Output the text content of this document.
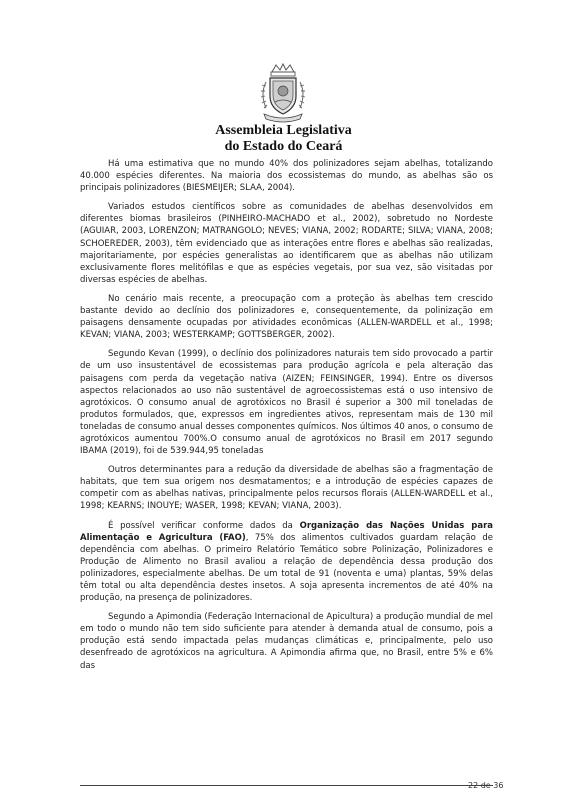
Assembleia Legislativa
do Estado do Ceará

Há uma estimativa que no mundo 40% dos polinizadores sejam abelhas, totalizando 40.000 espécies diferentes. Na maioria dos ecossistemas do mundo, as abelhas são os principais polinizadores (BIESMEIJER; SLAA, 2004).

Variados estudos científicos sobre as comunidades de abelhas desenvolvidos em diferentes biomas brasileiros (PINHEIRO-MACHADO et al., 2002), sobretudo no Nordeste (AGUIAR, 2003, LORENZON; MATRANGOLO; NEVES; VIANA, 2002; RODARTE; SILVA; VIANA, 2008; SCHOEREDER, 2003), têm evidenciado que as interações entre flores e abelhas são realizadas, majoritariamente, por espécies generalistas ao identificarem que as abelhas não utilizam exclusivamente flores melitófilas e que as espécies vegetais, por sua vez, são visitadas por diversas espécies de abelhas.

No cenário mais recente, a preocupação com a proteção às abelhas tem crescido bastante devido ao declínio dos polinizadores e, consequentemente, da polinização em paisagens densamente ocupadas por atividades econômicas (ALLEN-WARDELL et al., 1998; KEVAN; VIANA, 2003; WESTERKAMP; GOTTSBERGER, 2002).

Segundo Kevan (1999), o declínio dos polinizadores naturais tem sido provocado a partir de um uso insustentável de ecossistemas para produção agrícola e pela alteração das paisagens com perda da vegetação nativa (AIZEN; FEINSINGER, 1994). Entre os diversos aspectos relacionados ao uso não sustentável de agroecossistemas está o uso intensivo de agrotóxicos. O consumo anual de agrotóxicos no Brasil é superior a 300 mil toneladas de produtos formulados, que, expressos em ingredientes ativos, representam mais de 130 mil toneladas de consumo anual desses componentes químicos. Nos últimos 40 anos, o consumo de agrotóxicos aumentou 700%.O consumo anual de agrotóxicos no Brasil em 2017 segundo IBAMA (2019), foi de 539.944,95 toneladas

Outros determinantes para a redução da diversidade de abelhas são a fragmentação de habitats, que tem sua origem nos desmatamentos; e a introdução de espécies capazes de competir com as abelhas nativas, principalmente pelos recursos florais (ALLEN-WARDELL et al., 1998; KEARNS; INOUYE; WASER, 1998; KEVAN; VIANA, 2003).

É possível verificar conforme dados da Organização das Nações Unidas para Alimentação e Agricultura (FAO), 75% dos alimentos cultivados guardam relação de dependência com abelhas. O primeiro Relatório Temático sobre Polinização, Polinizadores e Produção de Alimento no Brasil avaliou a relação de dependência dessa produção dos polinizadores, especialmente abelhas. De um total de 91 (noventa e uma) plantas, 59% delas têm total ou alta dependência destes insetos. A soja apresenta incrementos de até 40% na produção, na presença de polinizadores.

Segundo a Apimondia (Federação Internacional de Apicultura) a produção mundial de mel em todo o mundo não tem sido suficiente para atender à demanda atual de consumo, pois a produção está sendo impactada pelas mudanças climáticas e, principalmente, pelo uso desenfreado de agrotóxicos na agricultura. A Apimondia afirma que, no Brasil, entre 5% e 6% das

22 de 36
